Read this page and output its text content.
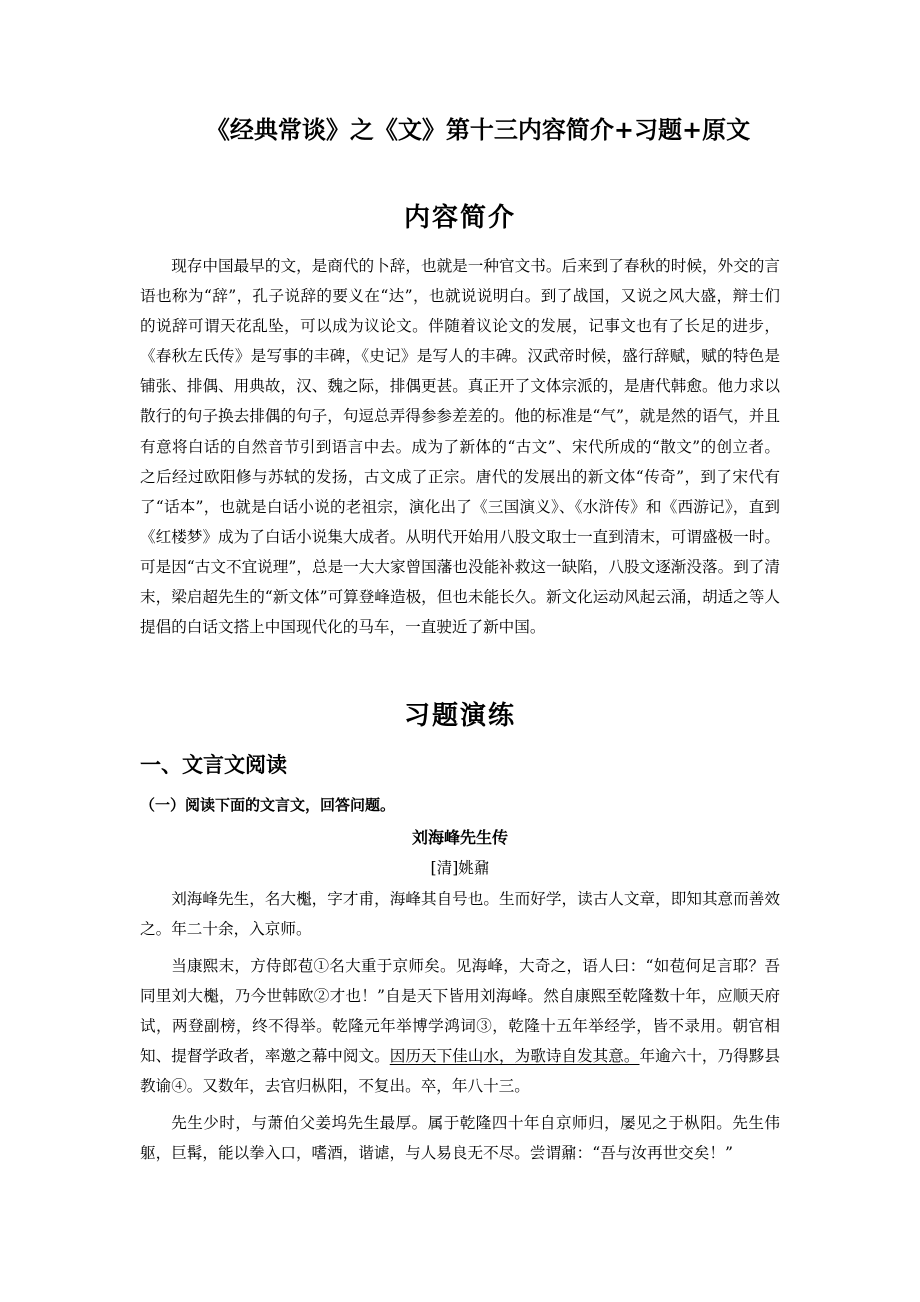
《经典常谈》之《文》第十三内容简介+习题+原文
内容简介
现存中国最早的文，是商代的卜辞，也就是一种官文书。后来到了春秋的时候，外交的言语也称为“辞”，孔子说辞的要义在“达”，也就说说明白。到了战国，又说之风大盛，辩士们的说辞可谓天花乱坠，可以成为议论文。伴随着议论文的发展，记事文也有了长足的进步，《春秋左氏传》是写事的丰碑，《史记》是写人的丰碑。汉武帝时候，盛行辞赋，赋的特色是铺张、排偶、用典故，汉、魏之际，排偶更甚。真正开了文体宗派的，是唐代韩愈。他力求以散行的句子换去排偶的句子，句逗总弄得参参差差的。他的标准是“气”，就是然的语气，并且有意将白话的自然音节引到语言中去。成为了新体的“古文”、宋代所成的“散文”的创立者。之后经过欧阳修与苏轼的发扬，古文成了正宗。唐代的发展出的新文体“传奇”，到了宋代有了“话本”，也就是白话小说的老祖宗，演化出了《三国演义》、《水浒传》和《西游记》，直到《红楼梦》成为了白话小说集大成者。从明代开始用八股文取士一直到清末，可谓盛极一时。可是因“古文不宜说理”，总是一大大家曾国藩也没能补救这一缺陷，八股文逐渐没落。到了清末，梁启超先生的“新文体”可算登峰造极，但也未能长久。新文化运动风起云涌，胡适之等人提倡的白话文搭上中国现代化的马车，一直驶近了新中国。
习题演练
一、文言文阅读
（一）阅读下面的文言文，回答问题。
刘海峰先生传
[清]姚鼐
刘海峰先生，名大櫆，字才甫，海峰其自号也。生而好学，读古人文章，即知其意而善效之。年二十余，入京师。
当康熙末，方侍郎苞①名大重于京师矣。见海峰，大奇之，语人曰：“如苞何足言耶？吾同里刘大櫆，乃今世韩欧②才也！”自是天下皆用刘海峰。然自康熙至乾隆数十年，应顺天府试，两登副榜，终不得举。乾隆元年举博学鸿词③，乾隆十五年举经学，皆不录用。朝官相知、提督学政者，率邀之幕中阅文。因历天下佳山水，为歌诗自发其意。年逾六十，乃得黟县教谕④。又数年，去官归枞阳，不复出。卒，年八十三。
先生少时，与萧伯父姜坞先生最厚。属于乾隆四十年自京师归，屡见之于枞阳。先生伟躯，巨髯，能以拳入口，嗜酒，谐谑，与人易良无不尽。尝谓鼐：“吾与汝再世交矣！”
